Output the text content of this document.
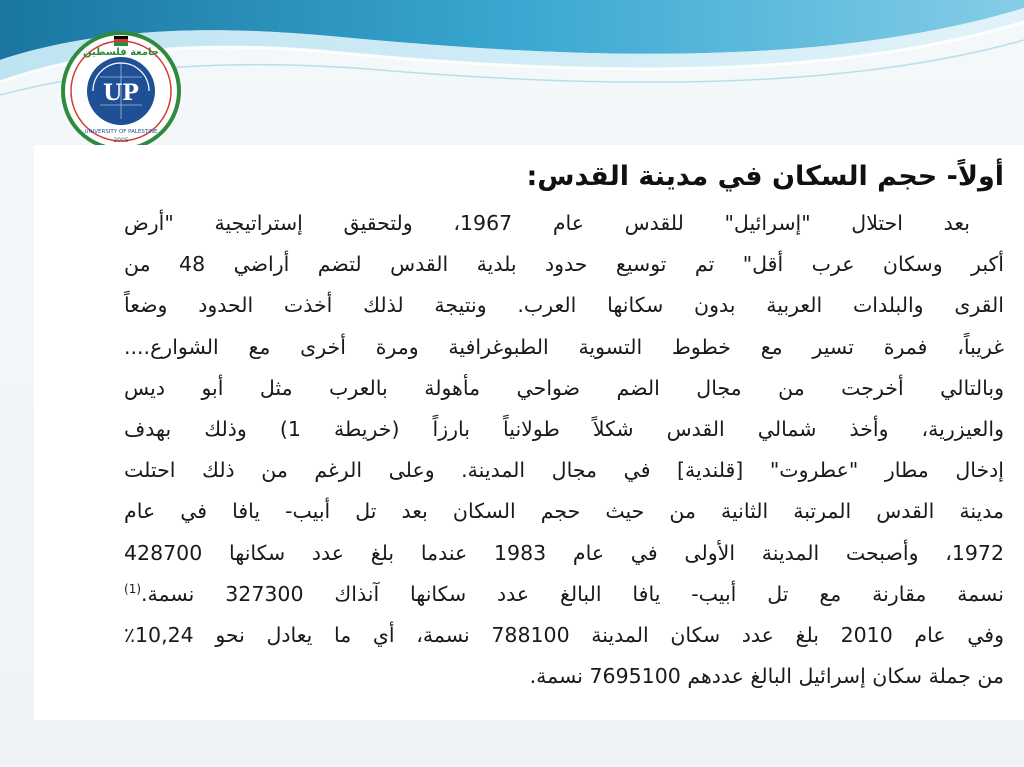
UP
جامعة فلسطين
UNIVERSITY OF PALESTINE
2005
أولاً- حجم السكان في مدينة القدس:
بعد احتلال "إسرائيل" للقدس عام 1967، ولتحقيق إستراتيجية "أرض
أكبر وسكان عرب أقل" تم توسيع حدود بلدية القدس لتضم أراضي 48 من
القرى والبلدات العربية بدون سكانها العرب. ونتيجة لذلك أخذت الحدود وضعاً
غريباً، فمرة تسير مع خطوط التسوية الطبوغرافية ومرة أخرى مع الشوارع....
وبالتالي أخرجت من مجال الضم ضواحي مأهولة بالعرب مثل أبو ديس
والعيزرية، وأخذ شمالي القدس شكلاً طولانياً بارزاً (خريطة 1) وذلك بهدف
إدخال مطار "عطروت" [قلندية] في مجال المدينة. وعلى الرغم من ذلك احتلت
مدينة القدس المرتبة الثانية من حيث حجم السكان بعد تل أبيب- يافا في عام
1972، وأصبحت المدينة الأولى في عام 1983 عندما بلغ عدد سكانها 428700
نسمة مقارنة مع تل أبيب- يافا البالغ عدد سكانها آنذاك 327300 نسمة.$^{(1)}$
وفي عام 2010 بلغ عدد سكان المدينة 788100 نسمة، أي ما يعادل نحو 10,24٪
من جملة سكان إسرائيل البالغ عددهم 7695100 نسمة.
